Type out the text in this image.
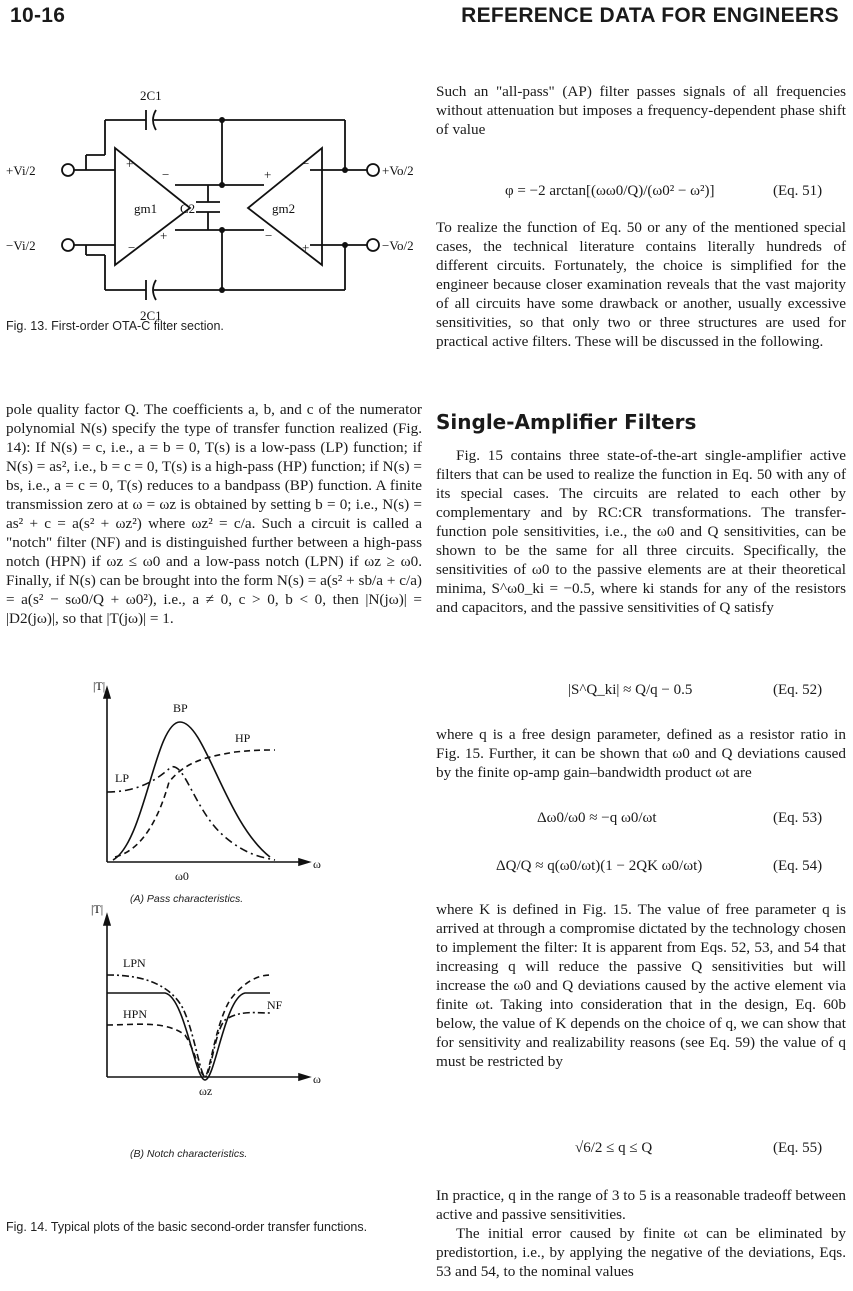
10-16	REFERENCE DATA FOR ENGINEERS
+
−
−
+
−
+
+
−
2C1
2C1
C2
gm1	gm2
+Vi/2
−Vi/2
+Vo/2
−Vo/2
Fig. 13. First-order OTA-C filter section.

pole quality factor Q. The coefficients a, b, and c of the numerator polynomial N(s) specify the type of transfer function realized (Fig. 14): If N(s) = c, i.e., a = b = 0, T(s) is a low-pass (LP) function; if N(s) = as², i.e., b = c = 0, T(s) is a high-pass (HP) function; if N(s) = bs, i.e., a = c = 0, T(s) reduces to a bandpass (BP) function. A finite transmission zero at ω = ωz is obtained by setting b = 0; i.e., N(s) = as² + c = a(s² + ωz²) where ωz² = c/a. Such a circuit is called a "notch" filter (NF) and is distinguished further between a high-pass notch (HPN) if ωz ≤ ω0 and a low-pass notch (LPN) if ωz ≥ ω0. Finally, if N(s) can be brought into the form N(s) = a(s² + sb/a + c/a) = a(s² − sω0/Q + ω0²), i.e., a ≠ 0, c > 0, b < 0, then |N(jω)| = |D2(jω)|, so that |T(jω)| = 1.

|T|
LP
BP
HP
ω0
ω
(A) Pass characteristics.
|T|
LPN
HPN
NF
ωz
ω
(B) Notch characteristics.
Fig. 14. Typical plots of the basic second-order transfer functions.

Such an "all-pass" (AP) filter passes signals of all frequencies without attenuation but imposes a frequency-dependent phase shift of value

φ = −2 arctan[(ωω0/Q)/(ω0² − ω²)]	(Eq. 51)

To realize the function of Eq. 50 or any of the mentioned special cases, the technical literature contains literally hundreds of different circuits. Fortunately, the choice is simplified for the engineer because closer examination reveals that the vast majority of all circuits have some drawback or another, usually excessive sensitivities, so that only two or three structures are used for practical active filters. These will be discussed in the following.

Single-Amplifier Filters

Fig. 15 contains three state-of-the-art single-amplifier active filters that can be used to realize the function in Eq. 50 with any of its special cases. The circuits are related to each other by complementary and by RC:CR transformations. The transfer-function pole sensitivities, i.e., the ω0 and Q sensitivities, can be shown to be the same for all three circuits. Specifically, the sensitivities of ω0 to the passive elements are at their theoretical minima, S^ω0_ki = −0.5, where ki stands for any of the resistors and capacitors, and the passive sensitivities of Q satisfy

|S^Q_ki| ≈ Q/q − 0.5	(Eq. 52)

where q is a free design parameter, defined as a resistor ratio in Fig. 15. Further, it can be shown that ω0 and Q deviations caused by the finite op-amp gain–bandwidth product ωt are

Δω0/ω0 ≈ −q ω0/ωt	(Eq. 53)
ΔQ/Q ≈ q(ω0/ωt)(1 − 2QK ω0/ωt)	(Eq. 54)

where K is defined in Fig. 15. The value of free parameter q is arrived at through a compromise dictated by the technology chosen to implement the filter: It is apparent from Eqs. 52, 53, and 54 that increasing q will reduce the passive Q sensitivities but will increase the ω0 and Q deviations caused by the active element via finite ωt. Taking into consideration that in the design, Eq. 60b below, the value of K depends on the choice of q, we can show that for sensitivity and realizability reasons (see Eq. 59) the value of q must be restricted by

√6/2 ≤ q ≤ Q	(Eq. 55)

In practice, q in the range of 3 to 5 is a reasonable tradeoff between active and passive sensitivities.

The initial error caused by finite ωt can be eliminated by predistortion, i.e., by applying the negative of the deviations, Eqs. 53 and 54, to the nominal values
